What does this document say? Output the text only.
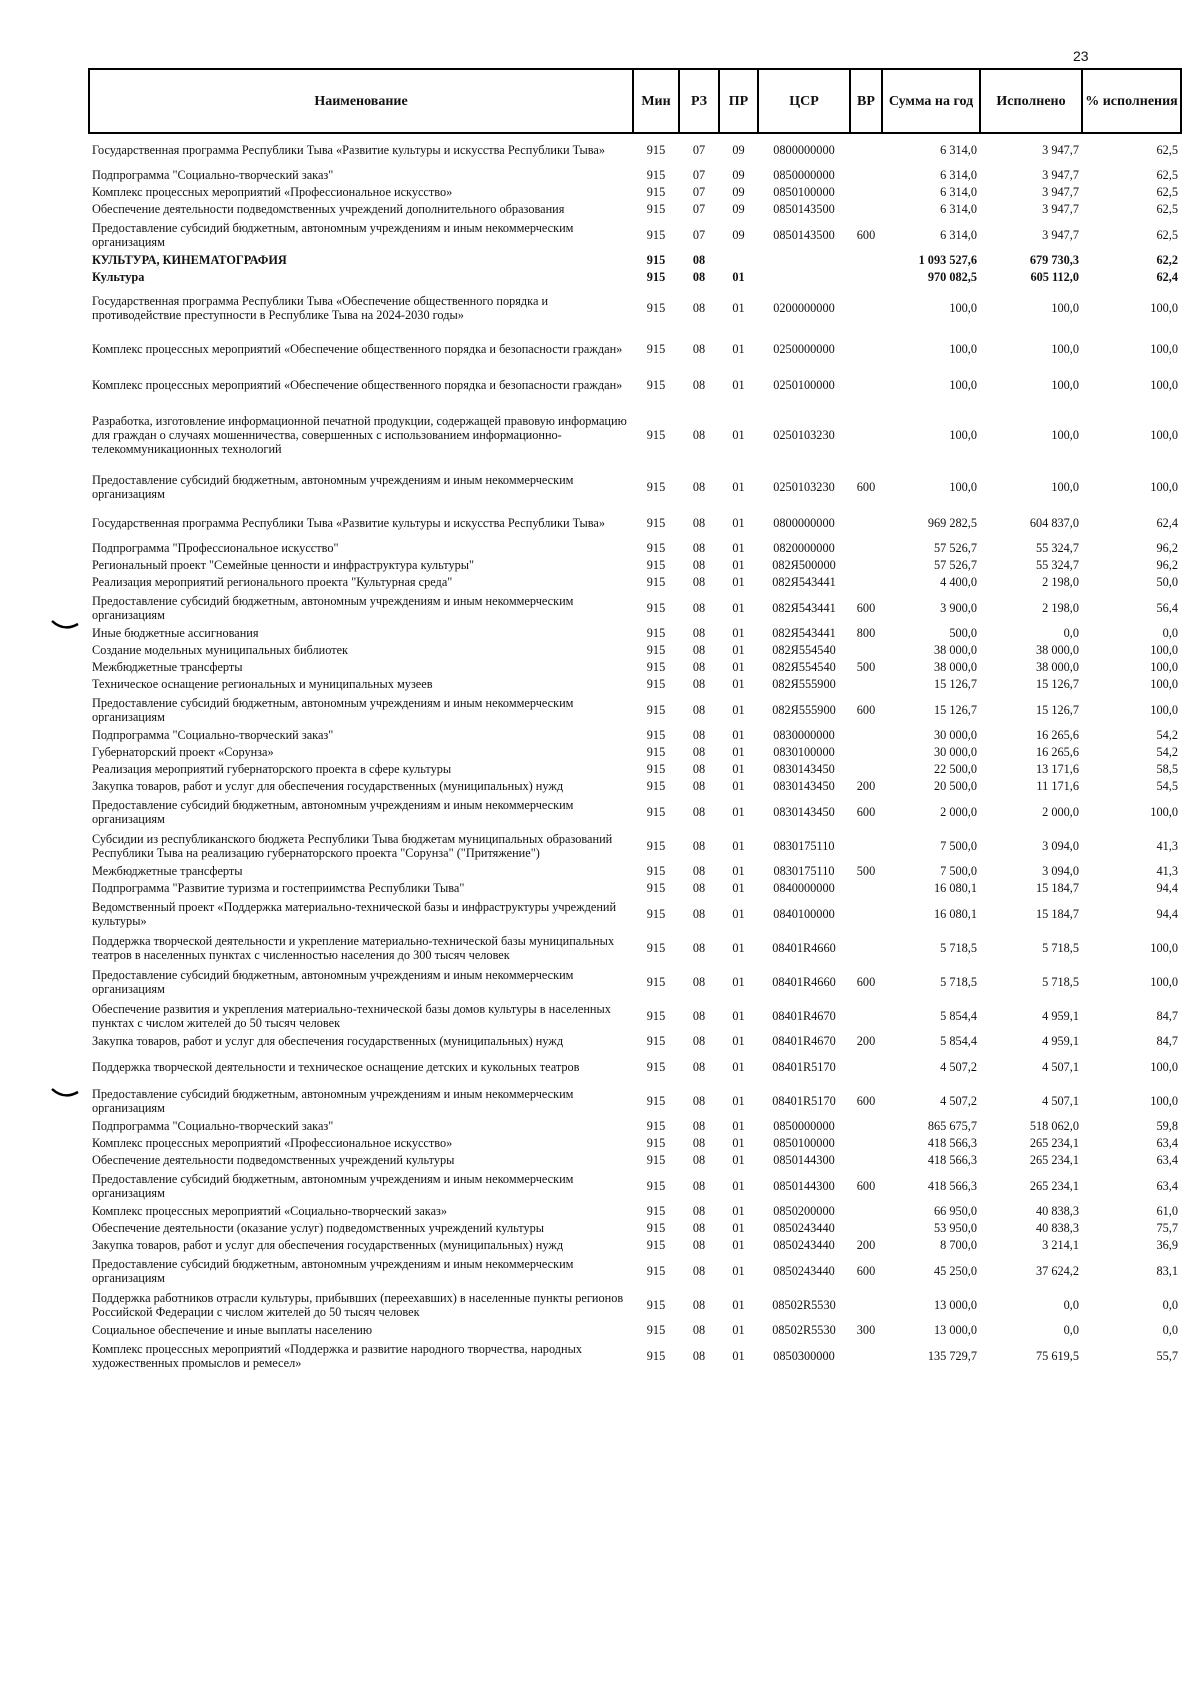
23
Наименование	Мин	РЗ	ПР	ЦСР	ВР	Сумма на год	Исполнено	% исполнения
Государственная программа Республики Тыва «Развитие культуры и искусства Республики Тыва»	915	07	09	0800000000		6 314,0	3 947,7	62,5
Подпрограмма "Социально-творческий заказ"	915	07	09	0850000000		6 314,0	3 947,7	62,5
Комплекс процессных мероприятий «Профессиональное искусство»	915	07	09	0850100000		6 314,0	3 947,7	62,5
Обеспечение деятельности подведомственных учреждений дополнительного образования	915	07	09	0850143500		6 314,0	3 947,7	62,5
Предоставление субсидий бюджетным, автономным учреждениям и иным некоммерческим организациям	915	07	09	0850143500	600	6 314,0	3 947,7	62,5
КУЛЬТУРА, КИНЕМАТОГРАФИЯ	915	08				1 093 527,6	679 730,3	62,2
Культура	915	08	01			970 082,5	605 112,0	62,4
Государственная программа Республики Тыва «Обеспечение общественного порядка и противодействие преступности в Республике Тыва на 2024-2030 годы»	915	08	01	0200000000		100,0	100,0	100,0
Комплекс процессных мероприятий «Обеспечение общественного порядка и безопасности граждан»	915	08	01	0250000000		100,0	100,0	100,0
Комплекс процессных мероприятий «Обеспечение общественного порядка и безопасности граждан»	915	08	01	0250100000		100,0	100,0	100,0
Разработка, изготовление информационной печатной продукции, содержащей правовую информацию для граждан о случаях мошенничества, совершенных с использованием информационно-телекоммуникационных технологий	915	08	01	0250103230		100,0	100,0	100,0
Предоставление субсидий бюджетным, автономным учреждениям и иным некоммерческим организациям	915	08	01	0250103230	600	100,0	100,0	100,0
Государственная программа Республики Тыва «Развитие культуры и искусства Республики Тыва»	915	08	01	0800000000		969 282,5	604 837,0	62,4
Подпрограмма "Профессиональное искусство"	915	08	01	0820000000		57 526,7	55 324,7	96,2
Региональный проект "Семейные ценности и инфраструктура культуры"	915	08	01	082Я500000		57 526,7	55 324,7	96,2
Реализация мероприятий регионального проекта "Культурная среда"	915	08	01	082Я543441		4 400,0	2 198,0	50,0
Предоставление субсидий бюджетным, автономным учреждениям и иным некоммерческим организациям	915	08	01	082Я543441	600	3 900,0	2 198,0	56,4
Иные бюджетные ассигнования	915	08	01	082Я543441	800	500,0	0,0	0,0
Создание модельных муниципальных библиотек	915	08	01	082Я554540		38 000,0	38 000,0	100,0
Межбюджетные трансферты	915	08	01	082Я554540	500	38 000,0	38 000,0	100,0
Техническое оснащение региональных и муниципальных музеев	915	08	01	082Я555900		15 126,7	15 126,7	100,0
Предоставление субсидий бюджетным, автономным учреждениям и иным некоммерческим организациям	915	08	01	082Я555900	600	15 126,7	15 126,7	100,0
Подпрограмма "Социально-творческий заказ"	915	08	01	0830000000		30 000,0	16 265,6	54,2
Губернаторский проект «Сорунза»	915	08	01	0830100000		30 000,0	16 265,6	54,2
Реализация мероприятий губернаторского проекта в сфере культуры	915	08	01	0830143450		22 500,0	13 171,6	58,5
Закупка товаров, работ и услуг для обеспечения государственных (муниципальных) нужд	915	08	01	0830143450	200	20 500,0	11 171,6	54,5
Предоставление субсидий бюджетным, автономным учреждениям и иным некоммерческим организациям	915	08	01	0830143450	600	2 000,0	2 000,0	100,0
Субсидии из республиканского бюджета Республики Тыва бюджетам муниципальных образований Республики Тыва на реализацию губернаторского проекта "Сорунза" ("Притяжение")	915	08	01	0830175110		7 500,0	3 094,0	41,3
Межбюджетные трансферты	915	08	01	0830175110	500	7 500,0	3 094,0	41,3
Подпрограмма "Развитие туризма и гостеприимства Республики Тыва"	915	08	01	0840000000		16 080,1	15 184,7	94,4
Ведомственный проект «Поддержка материально-технической базы и инфраструктуры учреждений культуры»	915	08	01	0840100000		16 080,1	15 184,7	94,4
Поддержка творческой деятельности и укрепление материально-технической базы муниципальных театров в населенных пунктах с численностью населения до 300 тысяч человек	915	08	01	08401R4660		5 718,5	5 718,5	100,0
Предоставление субсидий бюджетным, автономным учреждениям и иным некоммерческим организациям	915	08	01	08401R4660	600	5 718,5	5 718,5	100,0
Обеспечение развития и укрепления материально-технической базы домов культуры в населенных пунктах с числом жителей до 50 тысяч человек	915	08	01	08401R4670		5 854,4	4 959,1	84,7
Закупка товаров, работ и услуг для обеспечения государственных (муниципальных) нужд	915	08	01	08401R4670	200	5 854,4	4 959,1	84,7
Поддержка творческой деятельности и техническое оснащение детских и кукольных театров	915	08	01	08401R5170		4 507,2	4 507,1	100,0
Предоставление субсидий бюджетным, автономным учреждениям и иным некоммерческим организациям	915	08	01	08401R5170	600	4 507,2	4 507,1	100,0
Подпрограмма "Социально-творческий заказ"	915	08	01	0850000000		865 675,7	518 062,0	59,8
Комплекс процессных мероприятий «Профессиональное искусство»	915	08	01	0850100000		418 566,3	265 234,1	63,4
Обеспечение деятельности подведомственных учреждений культуры	915	08	01	0850144300		418 566,3	265 234,1	63,4
Предоставление субсидий бюджетным, автономным учреждениям и иным некоммерческим организациям	915	08	01	0850144300	600	418 566,3	265 234,1	63,4
Комплекс процессных мероприятий «Социально-творческий заказ»	915	08	01	0850200000		66 950,0	40 838,3	61,0
Обеспечение деятельности (оказание услуг) подведомственных учреждений культуры	915	08	01	0850243440		53 950,0	40 838,3	75,7
Закупка товаров, работ и услуг для обеспечения государственных (муниципальных) нужд	915	08	01	0850243440	200	8 700,0	3 214,1	36,9
Предоставление субсидий бюджетным, автономным учреждениям и иным некоммерческим организациям	915	08	01	0850243440	600	45 250,0	37 624,2	83,1
Поддержка работников отрасли культуры, прибывших (переехавших) в населенные пункты регионов Российской Федерации с числом жителей до 50 тысяч человек	915	08	01	08502R5530		13 000,0	0,0	0,0
Социальное обеспечение и иные выплаты населению	915	08	01	08502R5530	300	13 000,0	0,0	0,0
Комплекс процессных мероприятий «Поддержка и развитие народного творчества, народных художественных промыслов и ремесел»	915	08	01	0850300000		135 729,7	75 619,5	55,7
